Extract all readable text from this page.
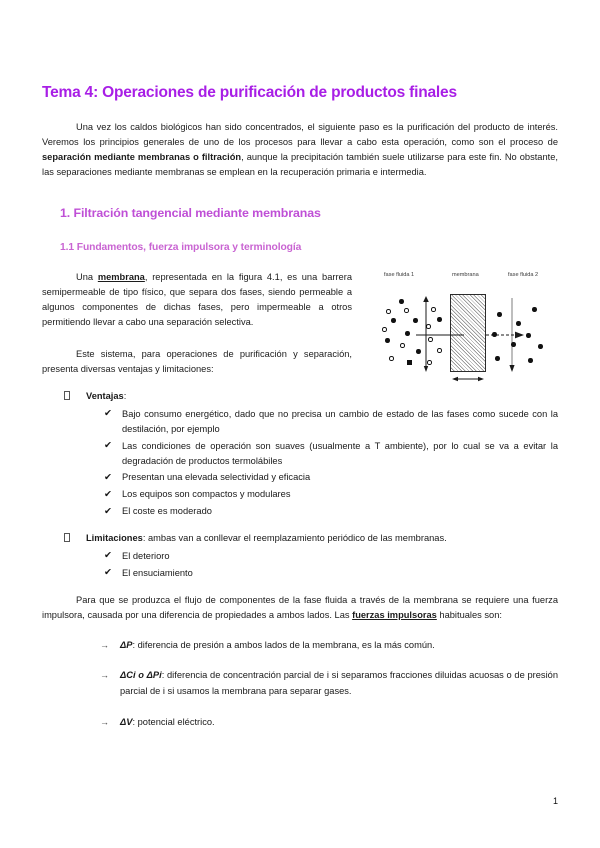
Tema 4: Operaciones de purificación de productos finales

Una vez los caldos biológicos han sido concentrados, el siguiente paso es la purificación del producto de interés. Veremos los principios generales de uno de los procesos para llevar a cabo esta operación, como son el proceso de separación mediante membranas o filtración, aunque la precipitación también suele utilizarse para este fin. No obstante, las separaciones mediante membranas se emplean en la recuperación primaria e intermedia.

1. Filtración tangencial mediante membranas
1.1 Fundamentos, fuerza impulsora y terminología

Una membrana, representada en la figura 4.1, es una barrera semipermeable de tipo físico, que separa dos fases, siendo permeable a algunos componentes de dichas fases, pero impermeable a otros permitiendo llevar a cabo una separación selectiva.

Este sistema, para operaciones de purificación y separación, presenta diversas ventajas y limitaciones:

fase fluida 1	membrana	fase fluida 2
Ventajas:
✔ Bajo consumo energético, dado que no precisa un cambio de estado de las fases como sucede con la destilación, por ejemplo
✔ Las condiciones de operación son suaves (usualmente a T ambiente), por lo cual se va a evitar la degradación de productos termolábiles
✔ Presentan una elevada selectividad y eficacia
✔ Los equipos son compactos y modulares
✔ El coste es moderado
Limitaciones: ambas van a conllevar el reemplazamiento periódico de las membranas.
✔ El deterioro
✔ El ensuciamiento

Para que se produzca el flujo de componentes de la fase fluida a través de la membrana se requiere una fuerza impulsora, causada por una diferencia de propiedades a ambos lados. Las fuerzas impulsoras habituales son:

→ ΔP: diferencia de presión a ambos lados de la membrana, es la más común.
→ ΔCi o ΔPi: diferencia de concentración parcial de i si separamos fracciones diluidas acuosas o de presión parcial de i si usamos la membrana para separar gases.
→ ΔV: potencial eléctrico.
1
